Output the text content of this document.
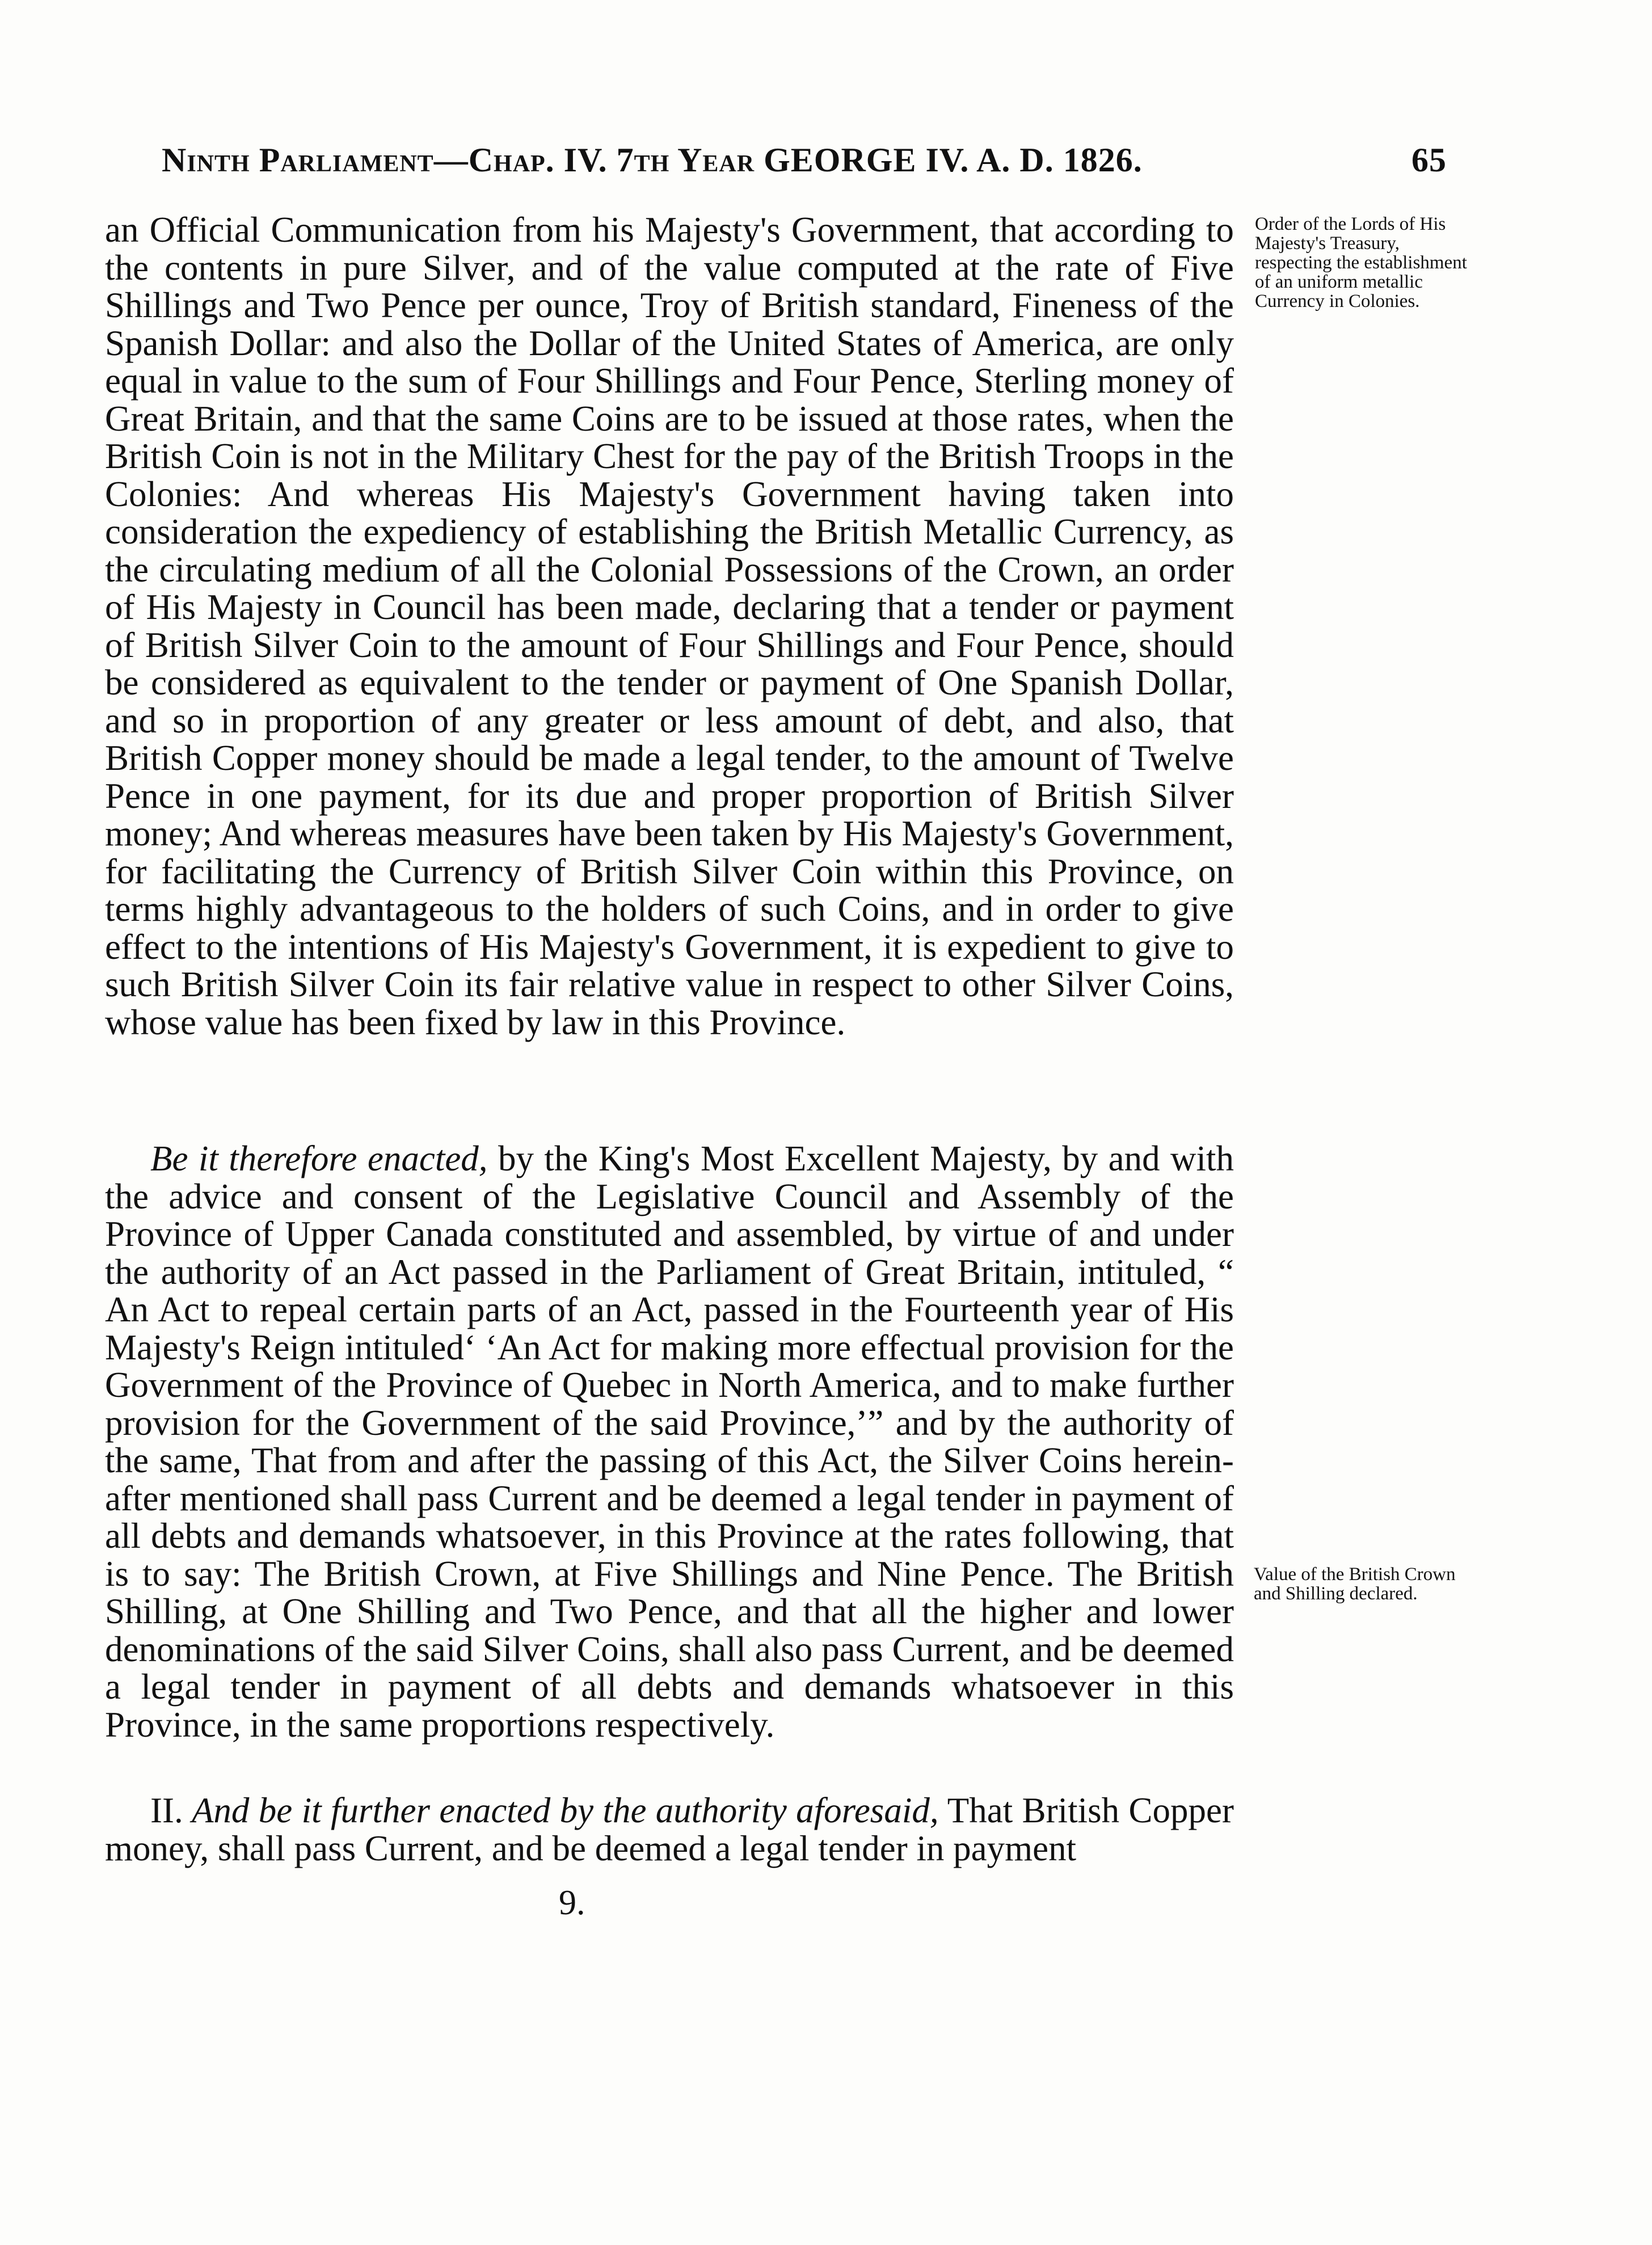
Ninth Parliament—Chap. IV. 7th Year GEORGE IV. A. D. 1826.	65

an Official Communication from his Majesty's Government, that according to the contents in pure Silver, and of the value computed at the rate of Five Shillings and Two Pence per ounce, Troy of British standard, Fineness of the Spanish Dollar: and also the Dollar of the United States of America, are only equal in value to the sum of Four Shillings and Four Pence, Sterling money of Great Britain, and that the same Coins are to be issued at those rates, when the British Coin is not in the Military Chest for the pay of the British Troops in the Colonies: And whereas His Majesty's Government having taken into consideration the expediency of establishing the British Metallic Currency, as the circulating medium of all the Colonial Possessions of the Crown, an order of His Majesty in Council has been made, declaring that a tender or payment of British Silver Coin to the amount of Four Shillings and Four Pence, should be considered as equivalent to the tender or payment of One Spanish Dollar, and so in proportion of any greater or less amount of debt, and also, that British Copper money should be made a legal tender, to the amount of Twelve Pence in one payment, for its due and proper proportion of British Silver money; And whereas measures have been taken by His Majesty's Government, for facilitating the Currency of British Silver Coin within this Province, on terms highly advantageous to the holders of such Coins, and in order to give effect to the intentions of His Majesty's Government, it is expedient to give to such British Silver Coin its fair relative value in respect to other Silver Coins, whose value has been fixed by law in this Province.

Order of the Lords of His Majesty's Treasury, respecting the establishment of an uniform metallic Currency in Colonies.

Be it therefore enacted, by the King's Most Excellent Majesty, by and with the advice and consent of the Legislative Council and Assembly of the Province of Upper Canada constituted and assembled, by virtue of and under the authority of an Act passed in the Parliament of Great Britain, intituled, “ An Act to repeal certain parts of an Act, passed in the Fourteenth year of His Majesty's Reign intituled‘ ‘An Act for making more effectual provision for the Government of the Province of Quebec in North America, and to make further provision for the Government of the said Province,’” and by the authority of the same, That from and after the passing of this Act, the Silver Coins herein-after mentioned shall pass Current and be deemed a legal tender in payment of all debts and demands whatsoever, in this Province at the rates following, that is to say: The British Crown, at Five Shillings and Nine Pence. The British Shilling, at One Shilling and Two Pence, and that all the higher and lower denominations of the said Silver Coins, shall also pass Current, and be deemed a legal tender in payment of all debts and demands whatsoever in this Province, in the same proportions respectively.

Value of the British Crown and Shilling declared.

II. And be it further enacted by the authority aforesaid, That British Copper money, shall pass Current, and be deemed a legal tender in payment

9.
